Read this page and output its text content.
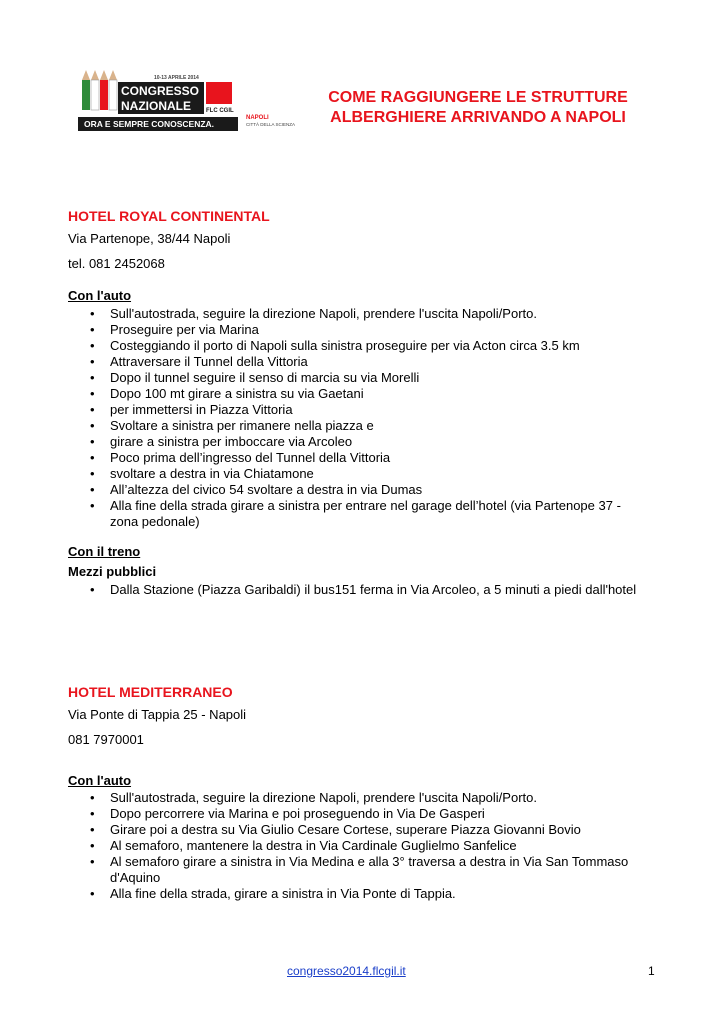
10-13 APRILE 2014
CONGRESSO
NAZIONALE	FLC CGIL
ORA E SEMPRE CONOSCENZA.
NAPOLI
CITTÀ DELLA SCIENZA
COME RAGGIUNGERE LE STRUTTURE
ALBERGHIERE ARRIVANDO A NAPOLI
HOTEL ROYAL CONTINENTAL
Via Partenope, 38/44 Napoli
tel. 081 2452068
Con l'auto
• Sull'autostrada, seguire la direzione Napoli, prendere l'uscita Napoli/Porto.
• Proseguire per via Marina
• Costeggiando il porto di Napoli sulla sinistra proseguire per via Acton circa 3.5 km
• Attraversare il Tunnel della Vittoria
• Dopo il tunnel seguire il senso di marcia su via Morelli
• Dopo 100 mt girare a sinistra su via Gaetani
• per immettersi in Piazza Vittoria
• Svoltare a sinistra per rimanere nella piazza e
• girare a sinistra per imboccare via Arcoleo
• Poco prima dell’ingresso del Tunnel della Vittoria
• svoltare a destra in via Chiatamone
• All’altezza del civico 54 svoltare a destra in via Dumas
• Alla fine della strada girare a sinistra per entrare nel garage dell’hotel (via Partenope 37 - zona pedonale)
Con il treno
Mezzi pubblici
• Dalla Stazione (Piazza Garibaldi) il bus151 ferma in Via Arcoleo, a 5 minuti a piedi dall'hotel
HOTEL MEDITERRANEO
Via Ponte di Tappia 25 - Napoli
081 7970001
Con l'auto
• Sull'autostrada, seguire la direzione Napoli, prendere l'uscita Napoli/Porto.
• Dopo percorrere via Marina e poi proseguendo in Via De Gasperi
• Girare poi a destra su Via Giulio Cesare Cortese, superare Piazza Giovanni Bovio
• Al semaforo, mantenere la destra in Via Cardinale Guglielmo Sanfelice
• Al semaforo girare a sinistra in Via Medina e alla 3° traversa a destra in Via San Tommaso d'Aquino
• Alla fine della strada, girare a sinistra in Via Ponte di Tappia.
congresso2014.flcgil.it	1
